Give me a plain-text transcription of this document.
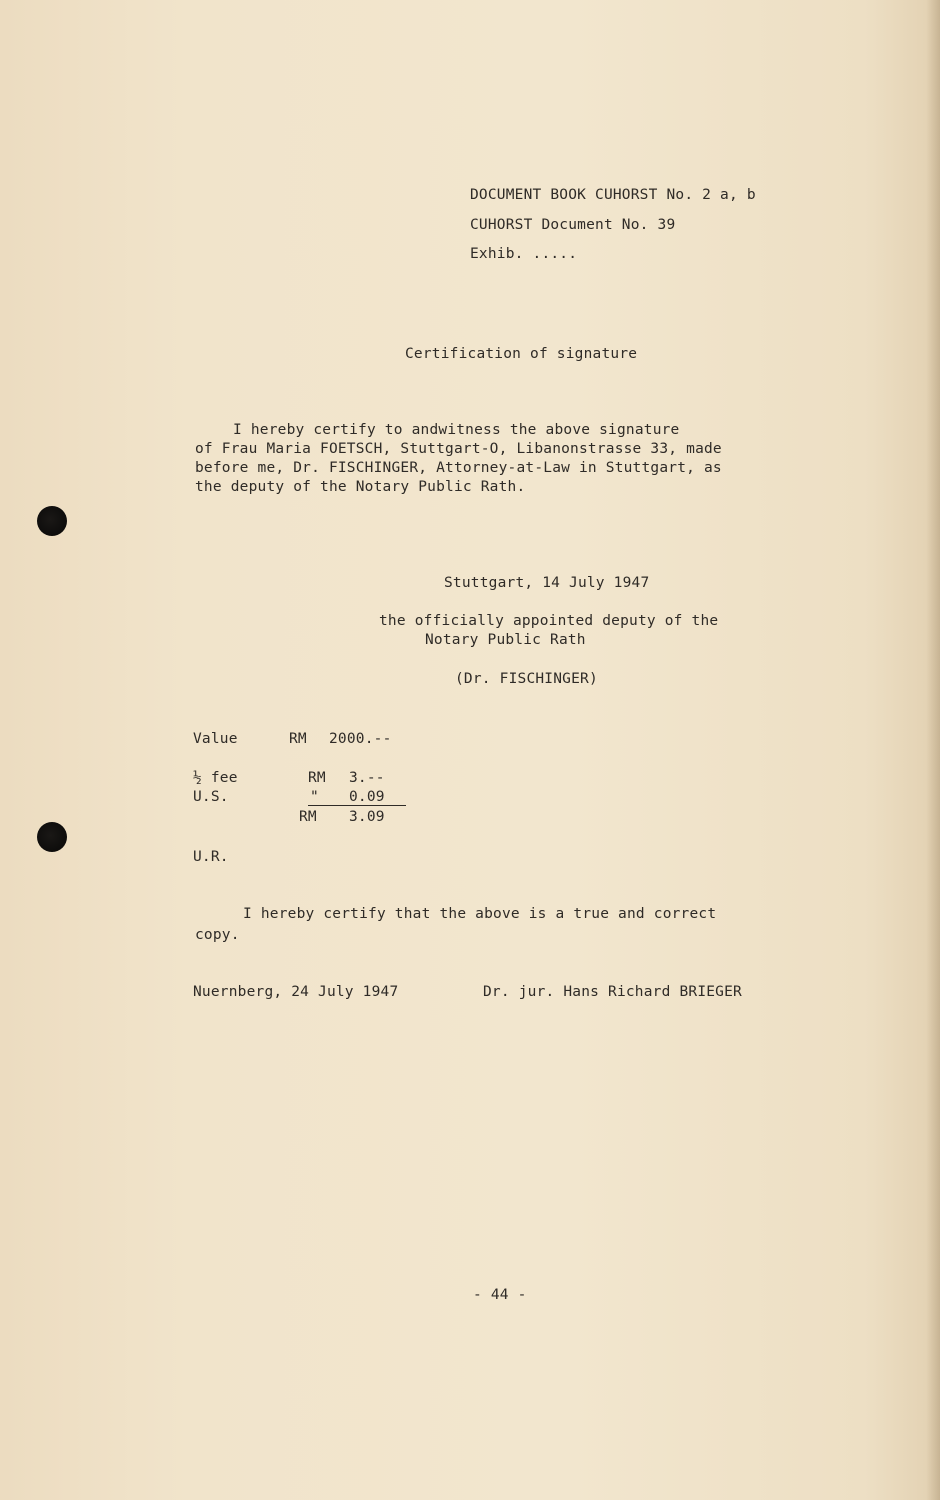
DOCUMENT BOOK CUHORST No. 2 a, b
CUHORST Document No. 39
Exhib. .....
Certification of signature
I hereby certify to andwitness the above signature
of Frau Maria FOETSCH, Stuttgart-O, Libanonstrasse 33, made
before me, Dr. FISCHINGER, Attorney-at-Law in Stuttgart, as
the deputy of the Notary Public Rath.
Stuttgart, 14 July 1947
the officially appointed deputy of the
Notary Public Rath
(Dr. FISCHINGER)
Value	RM 2000.--
½ fee	RM 3.--
U.S.	" 0.09
RM 3.09
U.R.
I hereby certify that the above is a true and correct
copy.
Nuernberg, 24 July 1947	Dr. jur. Hans Richard BRIEGER
- 44 -
